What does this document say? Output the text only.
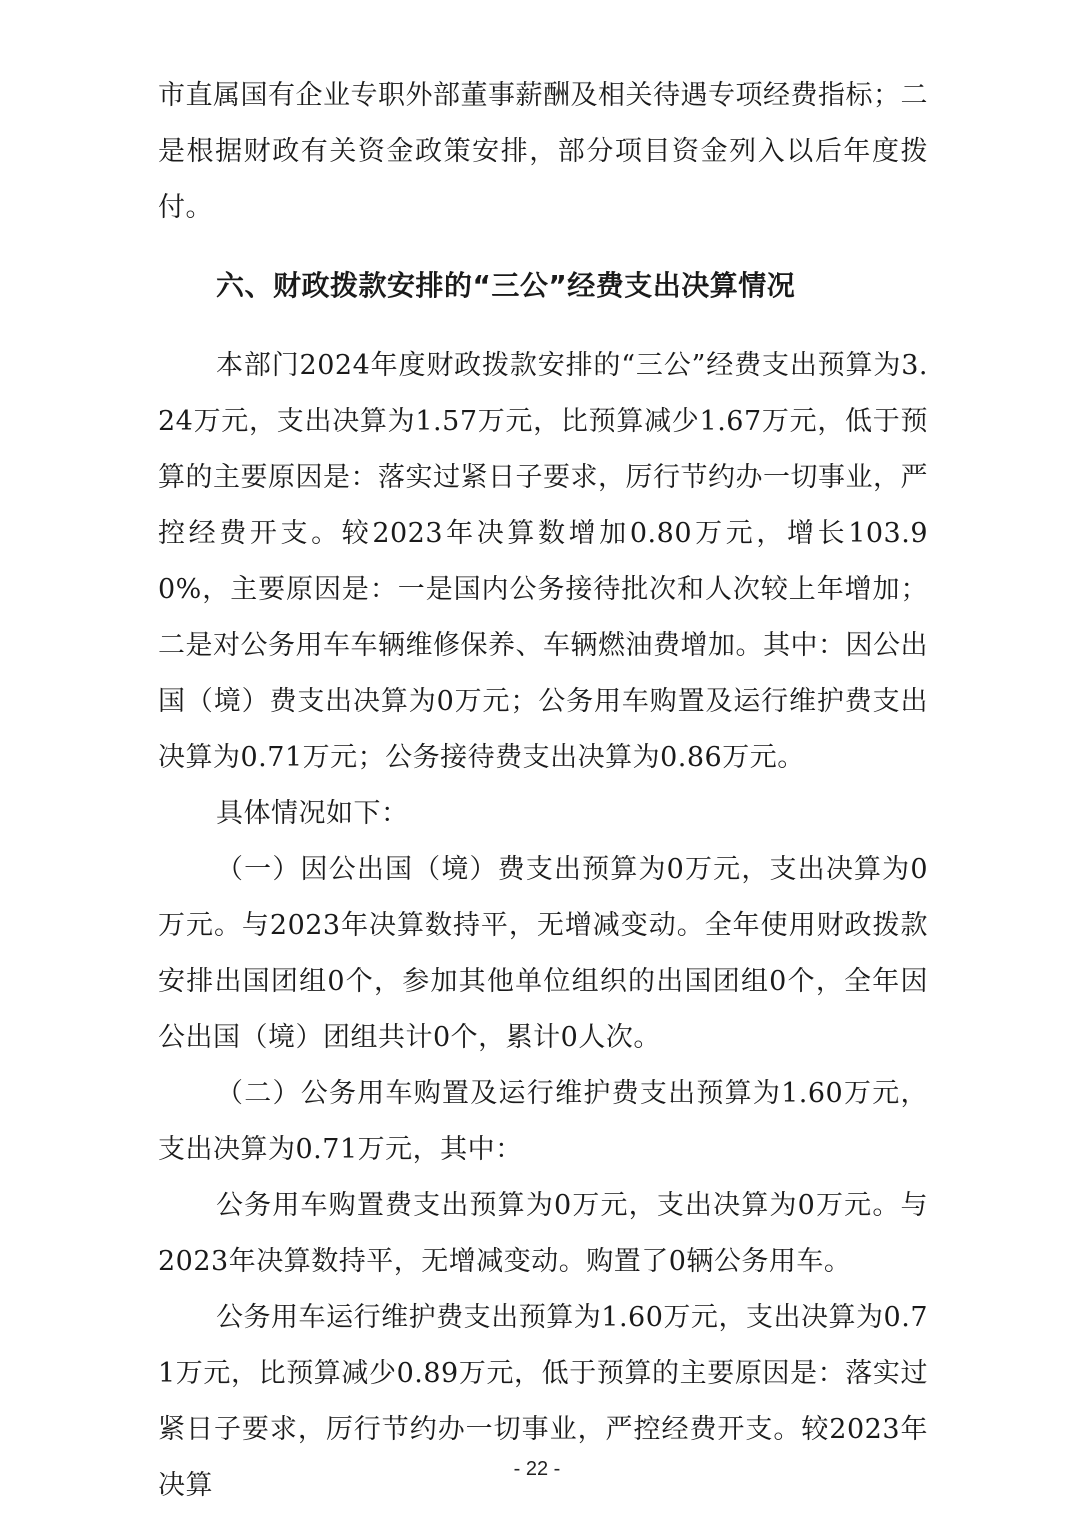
市直属国有企业专职外部董事薪酬及相关待遇专项经费指标；二是根据财政有关资金政策安排，部分项目资金列入以后年度拨付。

六、财政拨款安排的“三公”经费支出决算情况

本部门2024年度财政拨款安排的“三公”经费支出预算为3.24万元，支出决算为1.57万元，比预算减少1.67万元，低于预算的主要原因是：落实过紧日子要求，厉行节约办一切事业，严控经费开支。较2023年决算数增加0.80万元，增长103.90%，主要原因是：一是国内公务接待批次和人次较上年增加；二是对公务用车车辆维修保养、车辆燃油费增加。其中：因公出国（境）费支出决算为0万元；公务用车购置及运行维护费支出决算为0.71万元；公务接待费支出决算为0.86万元。

具体情况如下：

（一）因公出国（境）费支出预算为0万元，支出决算为0万元。与2023年决算数持平，无增减变动。全年使用财政拨款安排出国团组0个，参加其他单位组织的出国团组0个，全年因公出国（境）团组共计0个，累计0人次。

（二）公务用车购置及运行维护费支出预算为1.60万元，支出决算为0.71万元，其中：

公务用车购置费支出预算为0万元，支出决算为0万元。与2023年决算数持平，无增减变动。购置了0辆公务用车。

公务用车运行维护费支出预算为1.60万元，支出决算为0.71万元，比预算减少0.89万元，低于预算的主要原因是：落实过紧日子要求，厉行节约办一切事业，严控经费开支。较2023年决算

- 22 -
